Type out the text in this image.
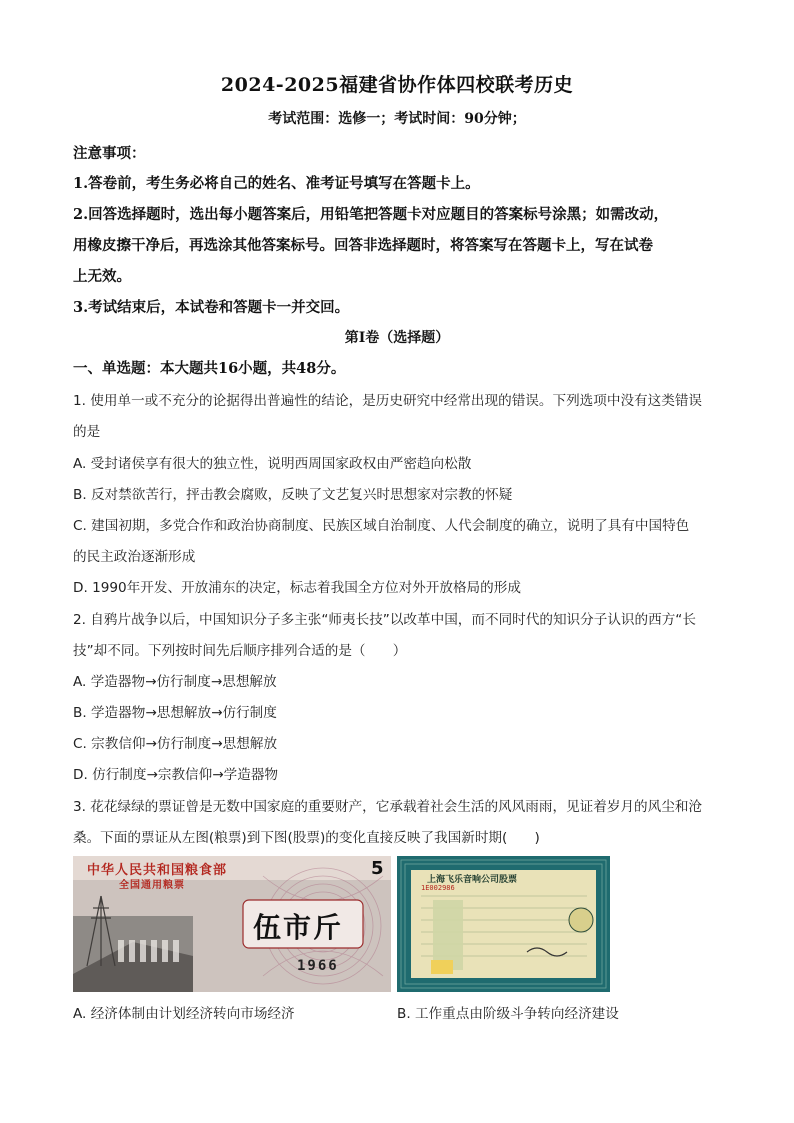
2024-2025福建省协作体四校联考历史
考试范围：选修一；考试时间：90分钟；
注意事项：
1.答卷前，考生务必将自己的姓名、准考证号填写在答题卡上。
2.回答选择题时，选出每小题答案后，用铅笔把答题卡对应题目的答案标号涂黑；如需改动，
用橡皮擦干净后，再选涂其他答案标号。回答非选择题时，将答案写在答题卡上，写在试卷
上无效。
3.考试结束后，本试卷和答题卡一并交回。
第Ⅰ卷（选择题）
一、单选题：本大题共16小题，共48分。
1. 使用单一或不充分的论据得出普遍性的结论，是历史研究中经常出现的错误。下列选项中没有这类错误
的是
A. 受封诸侯享有很大的独立性，说明西周国家政权由严密趋向松散
B. 反对禁欲苦行，抨击教会腐败，反映了文艺复兴时思想家对宗教的怀疑
C. 建国初期，多党合作和政治协商制度、民族区域自治制度、人代会制度的确立，说明了具有中国特色
的民主政治逐渐形成
D. 1990年开发、开放浦东的决定，标志着我国全方位对外开放格局的形成
2. 自鸦片战争以后，中国知识分子多主张“师夷长技”以改革中国，而不同时代的知识分子认识的西方“长
技”却不同。下列按时间先后顺序排列合适的是（　　）
A. 学造器物→仿行制度→思想解放
B. 学造器物→思想解放→仿行制度
C. 宗教信仰→仿行制度→思想解放
D. 仿行制度→宗教信仰→学造器物
3. 花花绿绿的票证曾是无数中国家庭的重要财产，它承载着社会生活的风风雨雨，见证着岁月的风尘和沧
桑。下面的票证从左图(粮票)到下图(股票)的变化直接反映了我国新时期(　　)
中华人民共和国粮食部
全国通用粮票
5
伍市斤
1966
上海飞乐音响公司股票
1E002986
A. 经济体制由计划经济转向市场经济	B. 工作重点由阶级斗争转向经济建设
